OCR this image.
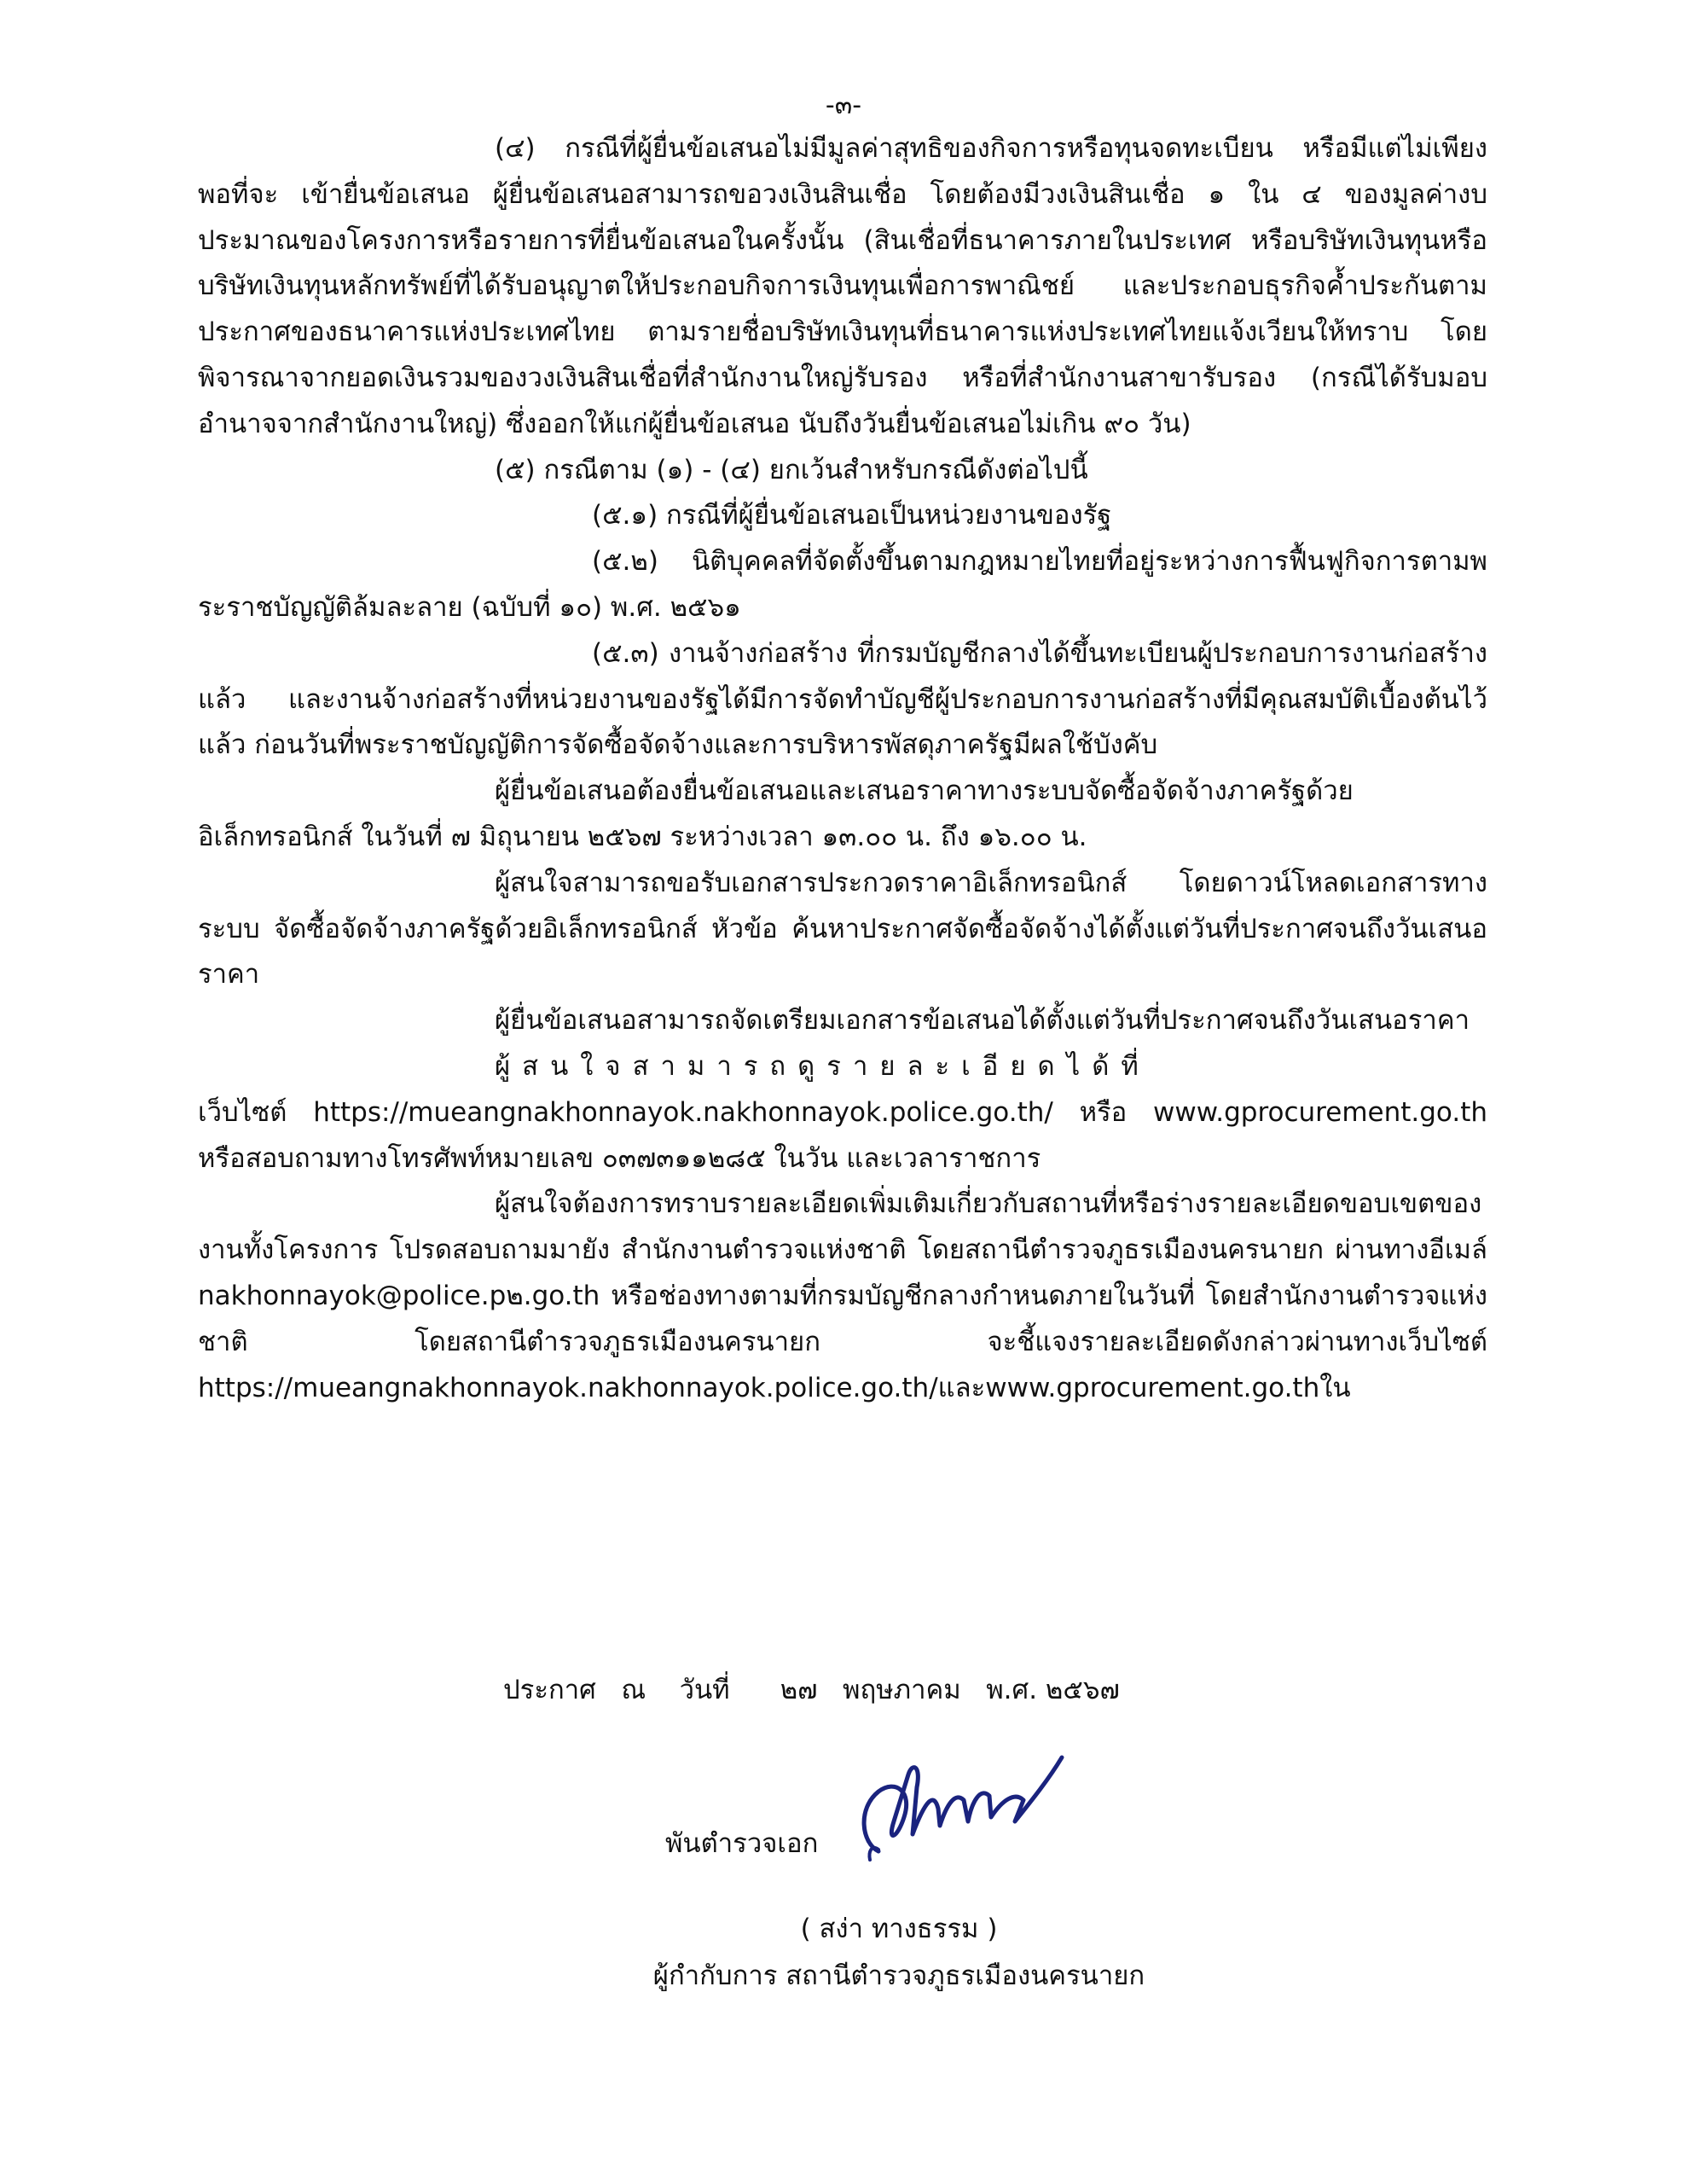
-๓-

(๔) กรณีที่ผู้ยื่นข้อเสนอไม่มีมูลค่าสุทธิของกิจการหรือทุนจดทะเบียน หรือมีแต่ไม่เพียงพอที่จะ เข้ายื่นข้อเสนอ ผู้ยื่นข้อเสนอสามารถขอวงเงินสินเชื่อ โดยต้องมีวงเงินสินเชื่อ ๑ ใน ๔ ของมูลค่างบประมาณของโครงการหรือรายการที่ยื่นข้อเสนอในครั้งนั้น (สินเชื่อที่ธนาคารภายในประเทศ หรือบริษัทเงินทุนหรือบริษัทเงินทุนหลักทรัพย์ที่ได้รับอนุญาตให้ประกอบกิจการเงินทุนเพื่อการพาณิชย์ และประกอบธุรกิจค้ำประกันตามประกาศของธนาคารแห่งประเทศไทย ตามรายชื่อบริษัทเงินทุนที่ธนาคารแห่งประเทศไทยแจ้งเวียนให้ทราบ โดยพิจารณาจากยอดเงินรวมของวงเงินสินเชื่อที่สำนักงานใหญ่รับรอง หรือที่สำนักงานสาขารับรอง (กรณีได้รับมอบอำนาจจากสำนักงานใหญ่) ซึ่งออกให้แก่ผู้ยื่นข้อเสนอ นับถึงวันยื่นข้อเสนอไม่เกิน ๙๐ วัน)

(๕) กรณีตาม (๑) - (๔) ยกเว้นสำหรับกรณีดังต่อไปนี้

(๕.๑) กรณีที่ผู้ยื่นข้อเสนอเป็นหน่วยงานของรัฐ

(๕.๒) นิติบุคคลที่จัดตั้งขึ้นตามกฎหมายไทยที่อยู่ระหว่างการฟื้นฟูกิจการตามพระราชบัญญัติล้มละลาย (ฉบับที่ ๑๐) พ.ศ. ๒๕๖๑

(๕.๓) งานจ้างก่อสร้าง ที่กรมบัญชีกลางได้ขึ้นทะเบียนผู้ประกอบการงานก่อสร้าง แล้ว และงานจ้างก่อสร้างที่หน่วยงานของรัฐได้มีการจัดทำบัญชีผู้ประกอบการงานก่อสร้างที่มีคุณสมบัติเบื้องต้นไว้แล้ว ก่อนวันที่พระราชบัญญัติการจัดซื้อจัดจ้างและการบริหารพัสดุภาครัฐมีผลใช้บังคับ

ผู้ยื่นข้อเสนอต้องยื่นข้อเสนอและเสนอราคาทางระบบจัดซื้อจัดจ้างภาครัฐด้วยอิเล็กทรอนิกส์ ในวันที่ ๗ มิถุนายน ๒๕๖๗ ระหว่างเวลา ๑๓.๐๐ น. ถึง ๑๖.๐๐ น.

ผู้สนใจสามารถขอรับเอกสารประกวดราคาอิเล็กทรอนิกส์ โดยดาวน์โหลดเอกสารทางระบบ จัดซื้อจัดจ้างภาครัฐด้วยอิเล็กทรอนิกส์ หัวข้อ ค้นหาประกาศจัดซื้อจัดจ้างได้ตั้งแต่วันที่ประกาศจนถึงวันเสนอ ราคา

ผู้ยื่นข้อเสนอสามารถจัดเตรียมเอกสารข้อเสนอได้ตั้งแต่วันที่ประกาศจนถึงวันเสนอราคา

ผู้สนใจสามารถดูรายละเอียดได้ที่

เว็บไซต์ https://mueangnakhonnayok.nakhonnayok.police.go.th/ หรือ www.gprocurement.go.th หรือสอบถามทางโทรศัพท์หมายเลข ๐๓๗๓๑๑๒๘๕ ในวัน และเวลาราชการ

ผู้สนใจต้องการทราบรายละเอียดเพิ่มเติมเกี่ยวกับสถานที่หรือร่างรายละเอียดขอบเขตของ งานทั้งโครงการ โปรดสอบถามมายัง สำนักงานตำรวจแห่งชาติ โดยสถานีตำรวจภูธรเมืองนครนายก ผ่านทางอีเมล์ nakhonnayok@police.p๒.go.th หรือช่องทางตามที่กรมบัญชีกลางกำหนดภายในวันที่ โดยสำนักงานตำรวจแห่งชาติ โดยสถานีตำรวจภูธรเมืองนครนายก จะชี้แจงรายละเอียดดังกล่าวผ่านทางเว็บไซต์ https://mueangnakhonnayok.nakhonnayok.police.go.th/และwww.gprocurement.go.thใน

ประกาศ   ณ    วันที่      ๒๗   พฤษภาคม   พ.ศ. ๒๕๖๗
พันตำรวจเอก
( สง่า ทางธรรม )
ผู้กำกับการ สถานีตำรวจภูธรเมืองนครนายก
